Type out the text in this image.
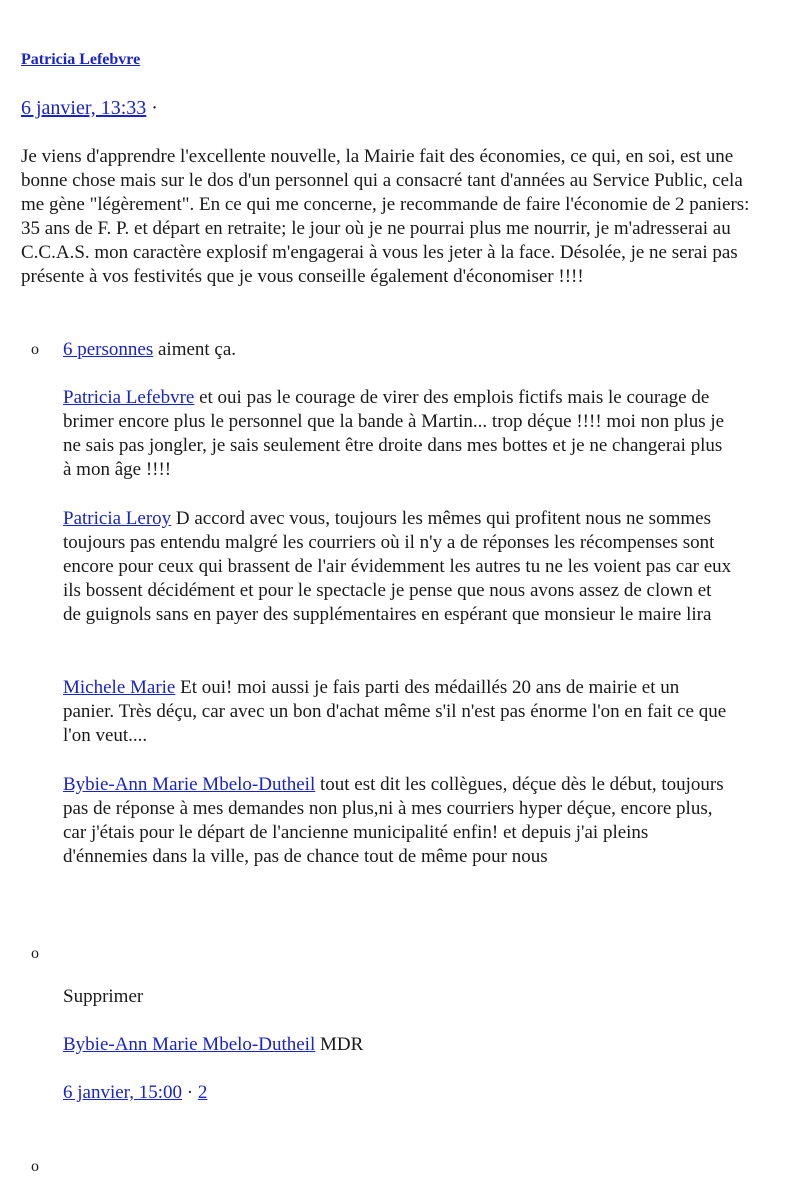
Patricia Lefebvre
6 janvier, 13:33 ·

Je viens d'apprendre l'excellente nouvelle, la Mairie fait des économies, ce qui, en soi, est une bonne chose mais sur le dos d'un personnel qui a consacré tant d'années au Service Public, cela me gène "légèrement". En ce qui me concerne, je recommande de faire l'économie de 2 paniers: 35 ans de F. P. et départ en retraite; le jour où je ne pourrai plus me nourrir, je m'adresserai au C.C.A.S. mon caractère explosif m'engagerai à vous les jeter à la face. Désolée, je ne serai pas présente à vos festivités que je vous conseille également d'économiser !!!!

o 6 personnes aiment ça.

Patricia Lefebvre et oui pas le courage de virer des emplois fictifs mais le courage de brimer encore plus le personnel que la bande à Martin... trop déçue !!!! moi non plus je ne sais pas jongler, je sais seulement être droite dans mes bottes et je ne changerai plus à mon âge !!!!

Patricia Leroy D accord avec vous, toujours les mêmes qui profitent nous ne sommes toujours pas entendu malgré les courriers où il n'y a de réponses les récompenses sont encore pour ceux qui brassent de l'air évidemment les autres tu ne les voient pas car eux ils bossent décidément et pour le spectacle je pense que nous avons assez de clown et de guignols sans en payer des supplémentaires en espérant que monsieur le maire lira

Michele Marie Et oui! moi aussi je fais parti des médaillés 20 ans de mairie et un panier. Très déçu, car avec un bon d'achat même s'il n'est pas énorme l'on en fait ce que l'on veut....

Bybie-Ann Marie Mbelo-Dutheil tout est dit les collègues, déçue dès le début, toujours pas de réponse à mes demandes non plus,ni à mes courriers hyper déçue, encore plus, car j'étais pour le départ de l'ancienne municipalité enfin! et depuis j'ai pleins d'énnemies dans la ville, pas de chance tout de même pour nous

o

Supprimer

Bybie-Ann Marie Mbelo-Dutheil MDR

6 janvier, 15:00 · 2

o
